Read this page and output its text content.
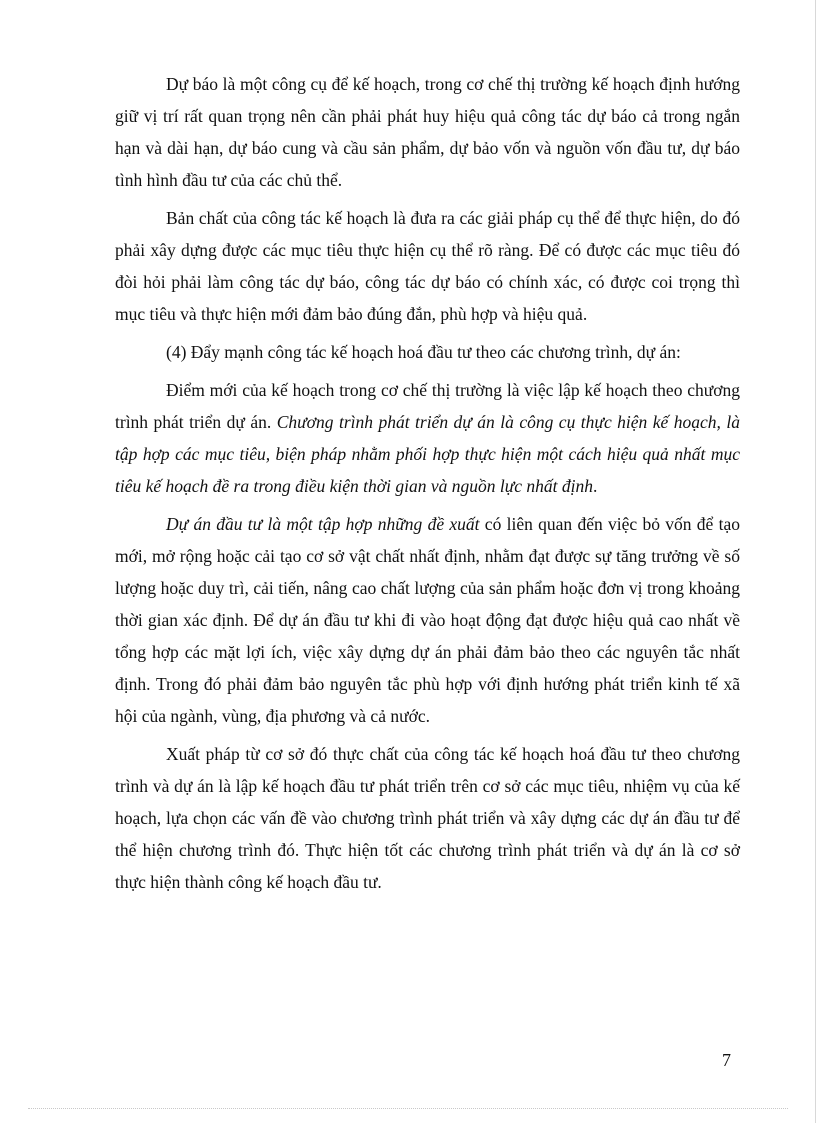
Dự báo là một công cụ để kế hoạch, trong cơ chế thị trường kế hoạch định hướng giữ vị trí rất quan trọng nên cần phải phát huy hiệu quả công tác dự báo cả trong ngắn hạn và dài hạn, dự báo cung và cầu sản phẩm, dự bảo vốn và nguồn vốn đầu tư, dự báo tình hình đầu tư của các chủ thể.

Bản chất của công tác kế hoạch là đưa ra các giải pháp cụ thể để thực hiện, do đó phải xây dựng được các mục tiêu thực hiện cụ thể rõ ràng. Để có được các mục tiêu đó đòi hỏi phải làm công tác dự báo, công tác dự báo có chính xác, có được coi trọng thì mục tiêu và thực hiện mới đảm bảo đúng đắn, phù hợp và hiệu quả.

(4) Đẩy mạnh công tác kế hoạch hoá đầu tư theo các chương trình, dự án:

Điểm mới của kế hoạch trong cơ chế thị trường là việc lập kế hoạch theo chương trình phát triển dự án. Chương trình phát triển dự án là công cụ thực hiện kế hoạch, là tập hợp các mục tiêu, biện pháp nhằm phối hợp thực hiện một cách hiệu quả nhất mục tiêu kế hoạch đề ra trong điều kiện thời gian và nguồn lực nhất định.

Dự án đầu tư là một tập hợp những đề xuất có liên quan đến việc bỏ vốn để tạo mới, mở rộng hoặc cải tạo cơ sở vật chất nhất định, nhằm đạt được sự tăng trưởng về số lượng hoặc duy trì, cải tiến, nâng cao chất lượng của sản phẩm hoặc đơn vị trong khoảng thời gian xác định. Để dự án đầu tư khi đi vào hoạt động đạt được hiệu quả cao nhất về tổng hợp các mặt lợi ích, việc xây dựng dự án phải đảm bảo theo các nguyên tắc nhất định. Trong đó phải đảm bảo nguyên tắc phù hợp với định hướng phát triển kinh tế xã hội của ngành, vùng, địa phương và cả nước.

Xuất pháp từ cơ sở đó thực chất của công tác kế hoạch hoá đầu tư theo chương trình và dự án là lập kế hoạch đầu tư phát triển trên cơ sở các mục tiêu, nhiệm vụ của kế hoạch, lựa chọn các vấn đề vào chương trình phát triển và xây dựng các dự án đầu tư để thể hiện chương trình đó. Thực hiện tốt các chương trình phát triển và dự án là cơ sở thực hiện thành công kế hoạch đầu tư.

7
